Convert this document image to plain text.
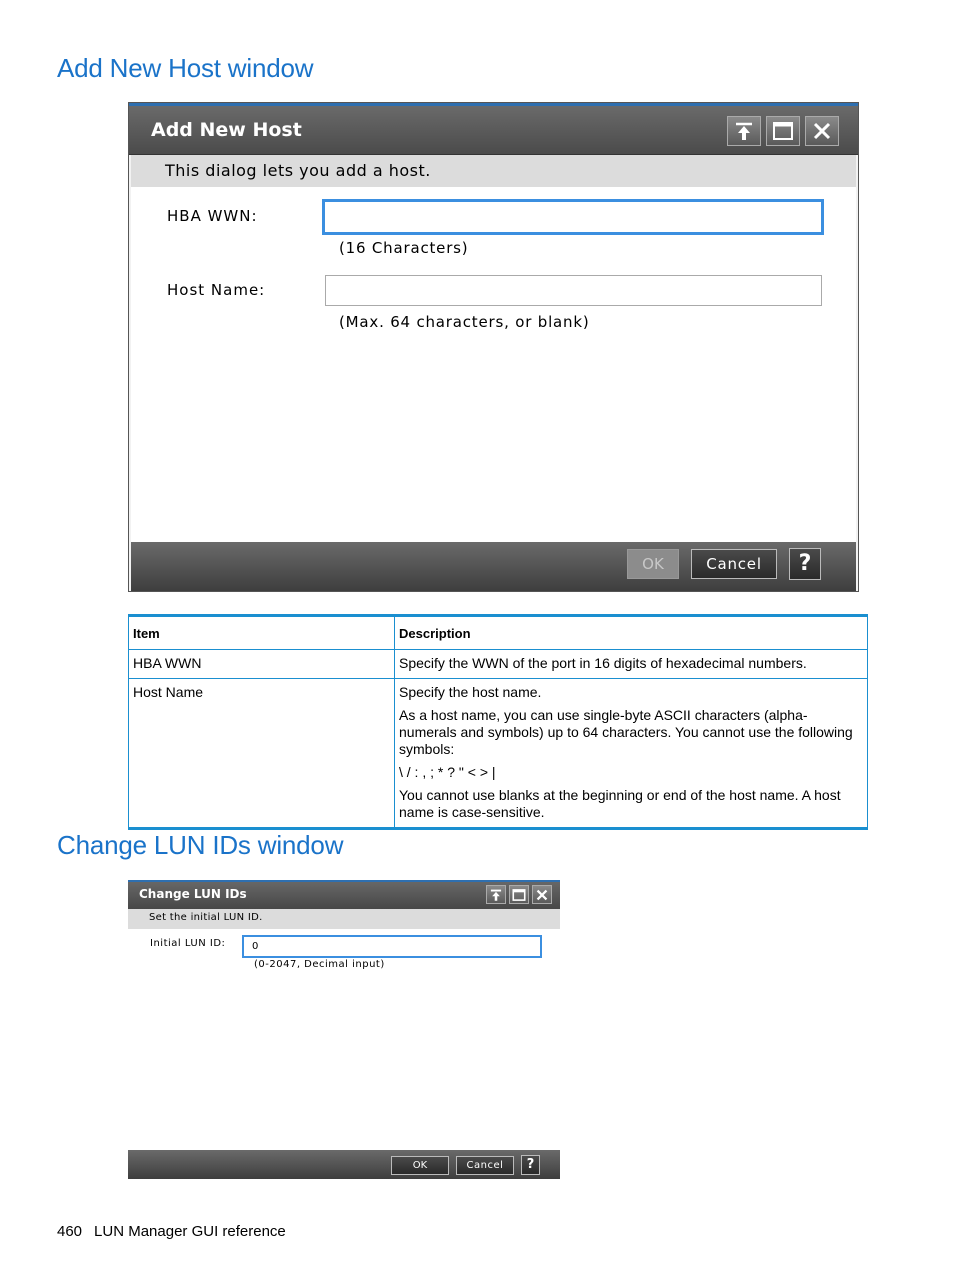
Add New Host window
Add New Host
This dialog lets you add a host.
HBA WWN:
(16 Characters)
Host Name:
(Max. 64 characters, or blank)
OK	Cancel	?
Item	Description
HBA WWN	Specify the WWN of the port in 16 digits of hexadecimal numbers.

Host Name	Specify the host name.

As a host name, you can use single-byte ASCII characters (alpha-numerals and symbols) up to 64 characters. You cannot use the following symbols:

\ / : , ; * ? " < > |

You cannot use blanks at the beginning or end of the host name. A host name is case-sensitive.

Change LUN IDs window
Change LUN IDs
Set the initial LUN ID.
Initial LUN ID:	0
(0-2047, Decimal input)
OK	Cancel	?
460 LUN Manager GUI reference
